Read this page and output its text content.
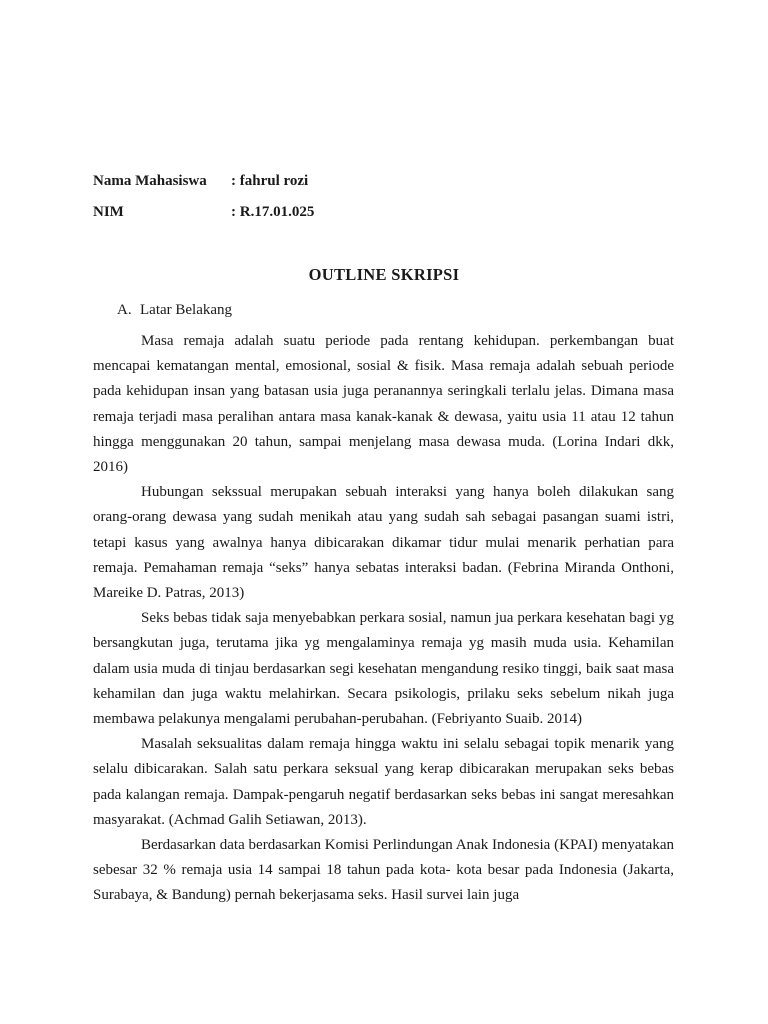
Nama Mahasiswa : fahrul rozi
NIM	: R.17.01.025
OUTLINE SKRIPSI
A. Latar Belakang

Masa remaja adalah suatu periode pada rentang kehidupan. perkembangan buat mencapai kematangan mental, emosional, sosial & fisik. Masa remaja adalah sebuah periode pada kehidupan insan yang batasan usia juga peranannya seringkali terlalu jelas. Dimana masa remaja terjadi masa peralihan antara masa kanak-kanak & dewasa, yaitu usia 11 atau 12 tahun hingga menggunakan 20 tahun, sampai menjelang masa dewasa muda. (Lorina Indari dkk, 2016)

Hubungan sekssual merupakan sebuah interaksi yang hanya boleh dilakukan sang orang-orang dewasa yang sudah menikah atau yang sudah sah sebagai pasangan suami istri, tetapi kasus yang awalnya hanya dibicarakan dikamar tidur mulai menarik perhatian para remaja. Pemahaman remaja “seks” hanya sebatas interaksi badan. (Febrina Miranda Onthoni, Mareike D. Patras, 2013)

Seks bebas tidak saja menyebabkan perkara sosial, namun jua perkara kesehatan bagi yg bersangkutan juga, terutama jika yg mengalaminya remaja yg masih muda usia. Kehamilan dalam usia muda di tinjau berdasarkan segi kesehatan mengandung resiko tinggi, baik saat masa kehamilan dan juga waktu melahirkan. Secara psikologis, prilaku seks sebelum nikah juga membawa pelakunya mengalami perubahan-perubahan. (Febriyanto Suaib. 2014)

Masalah seksualitas dalam remaja hingga waktu ini selalu sebagai topik menarik yang selalu dibicarakan. Salah satu perkara seksual yang kerap dibicarakan merupakan seks bebas pada kalangan remaja. Dampak-pengaruh negatif berdasarkan seks bebas ini sangat meresahkan masyarakat. (Achmad Galih Setiawan, 2013).

Berdasarkan data berdasarkan Komisi Perlindungan Anak Indonesia (KPAI) menyatakan sebesar 32 % remaja usia 14 sampai 18 tahun pada kota- kota besar pada Indonesia (Jakarta, Surabaya, & Bandung) pernah bekerjasama seks. Hasil survei lain juga
